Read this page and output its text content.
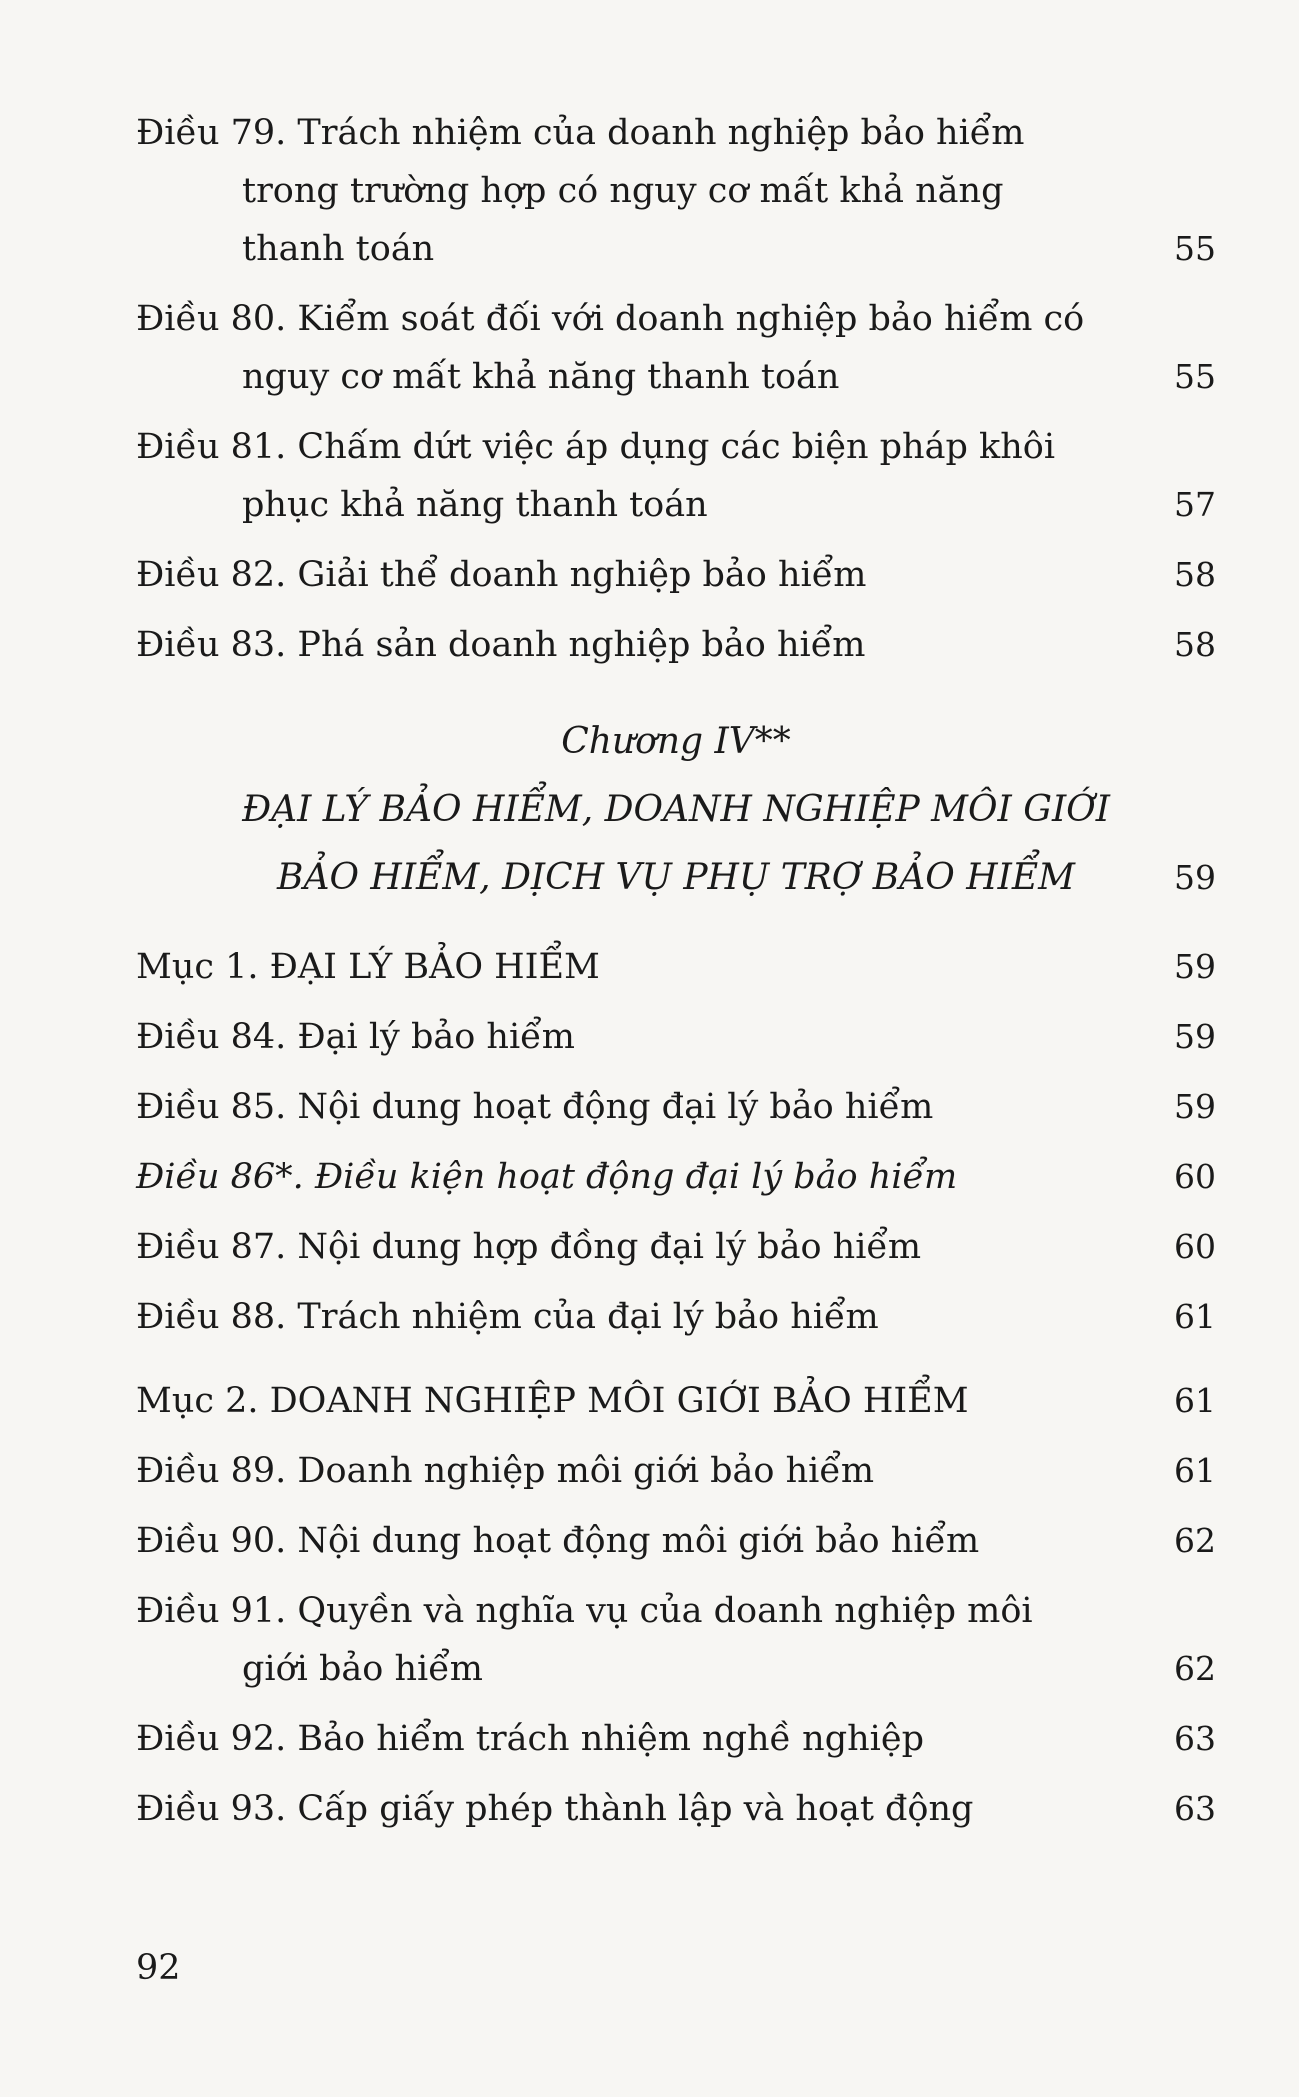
Điều 79. Trách nhiệm của doanh nghiệp bảo hiểm
trong trường hợp có nguy cơ mất khả năng
thanh toán	55
Điều 80. Kiểm soát đối với doanh nghiệp bảo hiểm có
nguy cơ mất khả năng thanh toán	55
Điều 81. Chấm dứt việc áp dụng các biện pháp khôi
phục khả năng thanh toán	57
Điều 82. Giải thể doanh nghiệp bảo hiểm	58
Điều 83. Phá sản doanh nghiệp bảo hiểm	58
Chương IV**
ĐẠI LÝ BẢO HIỂM, DOANH NGHIỆP MÔI GIỚI
BẢO HIỂM, DỊCH VỤ PHỤ TRỢ BẢO HIỂM	59
Mục 1. ĐẠI LÝ BẢO HIỂM	59
Điều 84. Đại lý bảo hiểm	59
Điều 85. Nội dung hoạt động đại lý bảo hiểm	59
Điều 86*. Điều kiện hoạt động đại lý bảo hiểm	60
Điều 87. Nội dung hợp đồng đại lý bảo hiểm	60
Điều 88. Trách nhiệm của đại lý bảo hiểm	61
Mục 2. DOANH NGHIỆP MÔI GIỚI BẢO HIỂM	61
Điều 89. Doanh nghiệp môi giới bảo hiểm	61
Điều 90. Nội dung hoạt động môi giới bảo hiểm	62
Điều 91. Quyền và nghĩa vụ của doanh nghiệp môi
giới bảo hiểm	62
Điều 92. Bảo hiểm trách nhiệm nghề nghiệp	63
Điều 93. Cấp giấy phép thành lập và hoạt động	63
92
